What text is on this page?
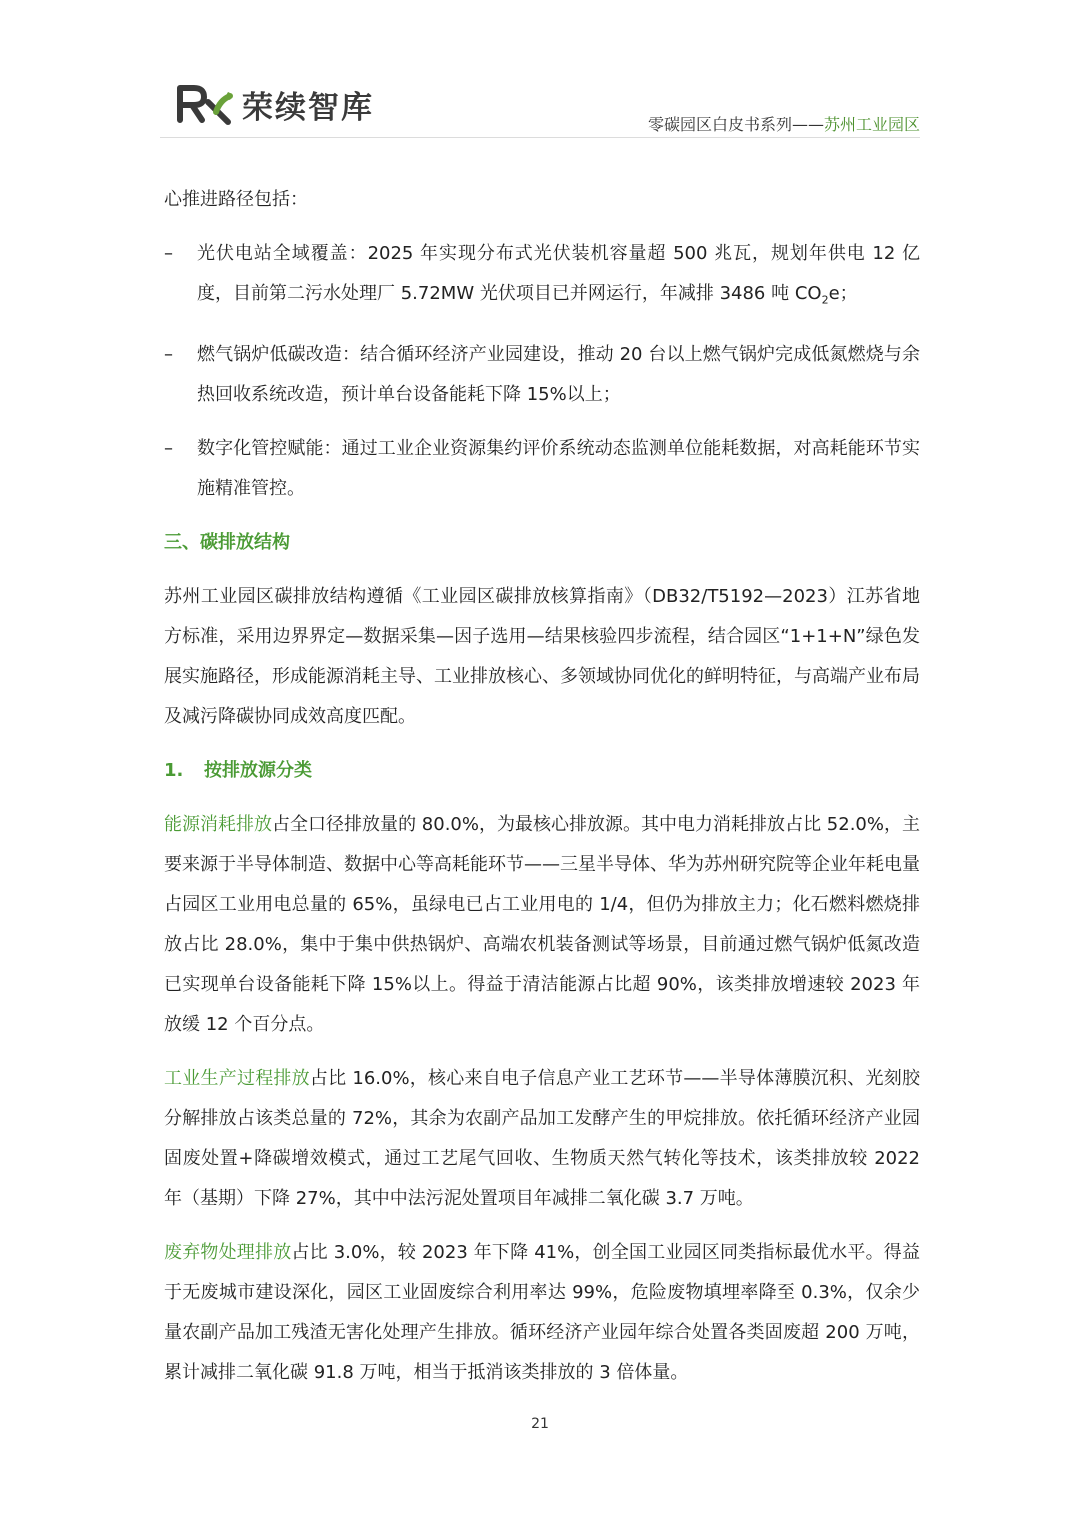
荣续智库	零碳园区白皮书系列——苏州工业园区

心推进路径包括：

– 光伏电站全域覆盖：2025 年实现分布式光伏装机容量超 500 兆瓦，规划年供电 12 亿度，目前第二污水处理厂 5.72MW 光伏项目已并网运行，年减排 3486 吨 $CO_2e$；

– 燃气锅炉低碳改造：结合循环经济产业园建设，推动 20 台以上燃气锅炉完成低氮燃烧与余热回收系统改造，预计单台设备能耗下降 15%以上；

– 数字化管控赋能：通过工业企业资源集约评价系统动态监测单位能耗数据，对高耗能环节实施精准管控。

三、碳排放结构

苏州工业园区碳排放结构遵循《工业园区碳排放核算指南》（DB32/T5192—2023）江苏省地方标准，采用边界界定—数据采集—因子选用—结果核验四步流程，结合园区“1+1+N”绿色发展实施路径，形成能源消耗主导、工业排放核心、多领域协同优化的鲜明特征，与高端产业布局及减污降碳协同成效高度匹配。

1. 按排放源分类

能源消耗排放占全口径排放量的 80.0%，为最核心排放源。其中电力消耗排放占比 52.0%，主要来源于半导体制造、数据中心等高耗能环节——三星半导体、华为苏州研究院等企业年耗电量占园区工业用电总量的 65%，虽绿电已占工业用电的 1/4，但仍为排放主力；化石燃料燃烧排放占比 28.0%，集中于集中供热锅炉、高端农机装备测试等场景，目前通过燃气锅炉低氮改造已实现单台设备能耗下降 15%以上。得益于清洁能源占比超 90%，该类排放增速较 2023 年放缓 12 个百分点。

工业生产过程排放占比 16.0%，核心来自电子信息产业工艺环节——半导体薄膜沉积、光刻胶分解排放占该类总量的 72%，其余为农副产品加工发酵产生的甲烷排放。依托循环经济产业园固废处置+降碳增效模式，通过工艺尾气回收、生物质天然气转化等技术，该类排放较 2022 年（基期）下降 27%，其中中法污泥处置项目年减排二氧化碳 3.7 万吨。

废弃物处理排放占比 3.0%，较 2023 年下降 41%，创全国工业园区同类指标最优水平。得益于无废城市建设深化，园区工业固废综合利用率达 99%，危险废物填埋率降至 0.3%，仅余少量农副产品加工残渣无害化处理产生排放。循环经济产业园年综合处置各类固废超 200 万吨，累计减排二氧化碳 91.8 万吨，相当于抵消该类排放的 3 倍体量。

21
